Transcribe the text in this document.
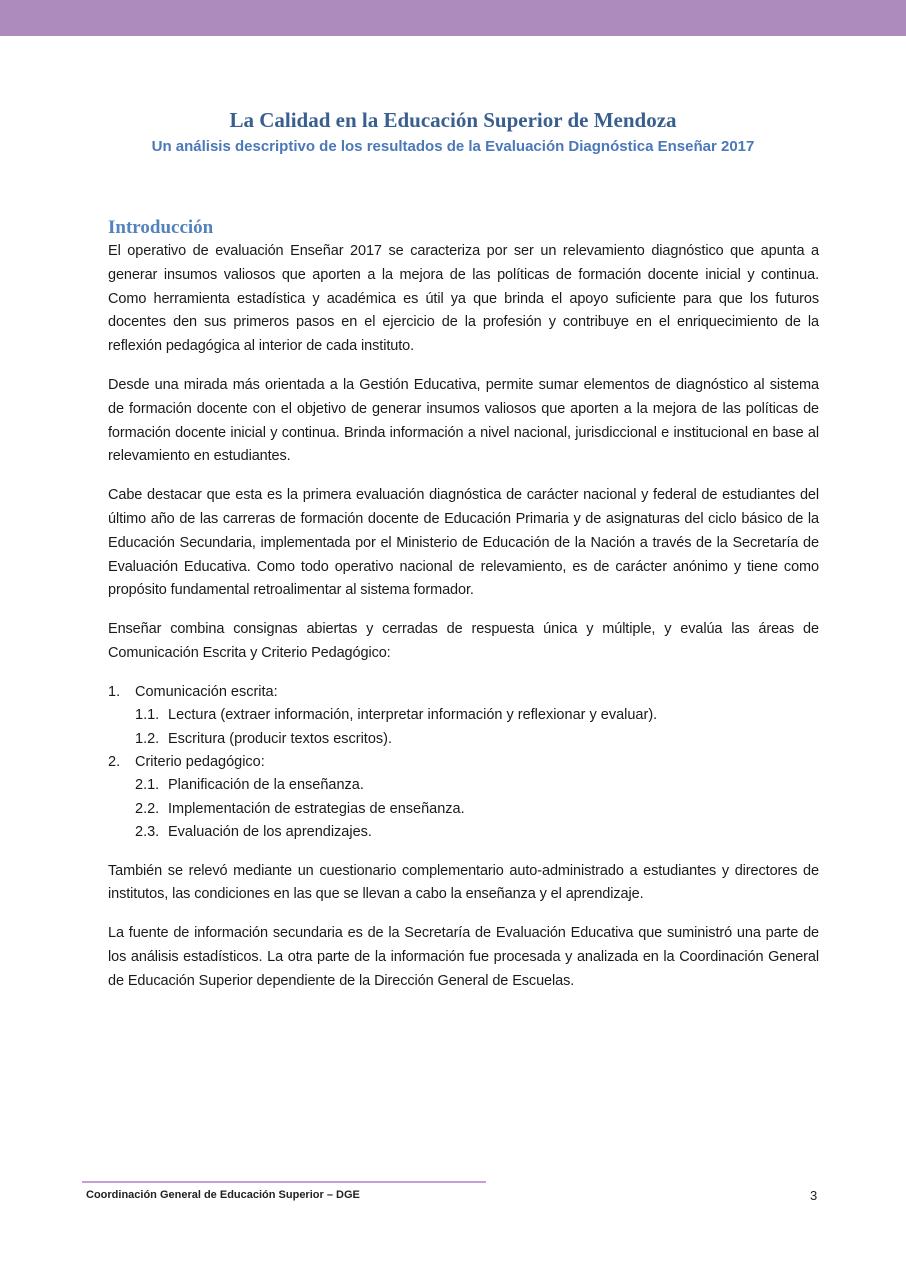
La Calidad en la Educación Superior de Mendoza
Un análisis descriptivo de los resultados de la Evaluación Diagnóstica Enseñar 2017
Introducción

El operativo de evaluación Enseñar 2017 se caracteriza por ser un relevamiento diagnóstico que apunta a generar insumos valiosos que aporten a la mejora de las políticas de formación docente inicial y continua. Como herramienta estadística y académica es útil ya que brinda el apoyo suficiente para que los futuros docentes den sus primeros pasos en el ejercicio de la profesión y contribuye en el enriquecimiento de la reflexión pedagógica al interior de cada instituto.

Desde una mirada más orientada a la Gestión Educativa, permite sumar elementos de diagnóstico al sistema de formación docente con el objetivo de generar insumos valiosos que aporten a la mejora de las políticas de formación docente inicial y continua. Brinda información a nivel nacional, jurisdiccional e institucional en base al relevamiento en estudiantes.

Cabe destacar que esta es la primera evaluación diagnóstica de carácter nacional y federal de estudiantes del último año de las carreras de formación docente de Educación Primaria y de asignaturas del ciclo básico de la Educación Secundaria, implementada por el Ministerio de Educación de la Nación a través de la Secretaría de Evaluación Educativa. Como todo operativo nacional de relevamiento, es de carácter anónimo y tiene como propósito fundamental retroalimentar al sistema formador.

Enseñar combina consignas abiertas y cerradas de respuesta única y múltiple, y evalúa las áreas de Comunicación Escrita y Criterio Pedagógico:

1.	Comunicación escrita:
1.1. Lectura (extraer información, interpretar información y reflexionar y evaluar).
1.2. Escritura (producir textos escritos).
2.	Criterio pedagógico:
2.1. Planificación de la enseñanza.
2.2. Implementación de estrategias de enseñanza.
2.3. Evaluación de los aprendizajes.

También se relevó mediante un cuestionario complementario auto-administrado a estudiantes y directores de institutos, las condiciones en las que se llevan a cabo la enseñanza y el aprendizaje.

La fuente de información secundaria es de la Secretaría de Evaluación Educativa que suministró una parte de los análisis estadísticos. La otra parte de la información fue procesada y analizada en la Coordinación General de Educación Superior dependiente de la Dirección General de Escuelas.

Coordinación General de Educación Superior – DGE	3
